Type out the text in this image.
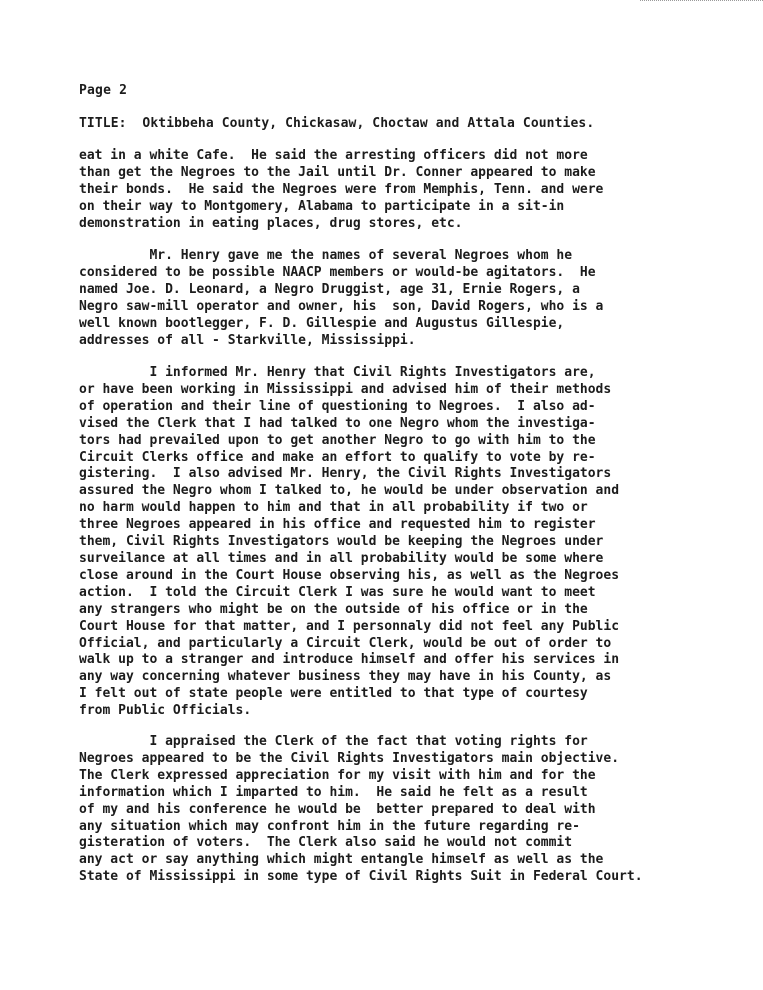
Page 2
TITLE: Oktibbeha County, Chickasaw, Choctaw and Attala Counties.

eat in a white Cafe.  He said the arresting officers did not more
than get the Negroes to the Jail until Dr. Conner appeared to make
their bonds.  He said the Negroes were from Memphis, Tenn. and were
on their way to Montgomery, Alabama to participate in a sit-in
demonstration in eating places, drug stores, etc.

Mr. Henry gave me the names of several Negroes whom he
considered to be possible NAACP members or would-be agitators.  He
named Joe. D. Leonard, a Negro Druggist, age 31, Ernie Rogers, a
Negro saw-mill operator and owner, his  son, David Rogers, who is a
well known bootlegger, F. D. Gillespie and Augustus Gillespie,
addresses of all - Starkville, Mississippi.

I informed Mr. Henry that Civil Rights Investigators are,
or have been working in Mississippi and advised him of their methods
of operation and their line of questioning to Negroes.  I also ad-
vised the Clerk that I had talked to one Negro whom the investiga-
tors had prevailed upon to get another Negro to go with him to the
Circuit Clerks office and make an effort to qualify to vote by re-
gistering.  I also advised Mr. Henry, the Civil Rights Investigators
assured the Negro whom I talked to, he would be under observation and
no harm would happen to him and that in all probability if two or
three Negroes appeared in his office and requested him to register
them, Civil Rights Investigators would be keeping the Negroes under
surveilance at all times and in all probability would be some where
close around in the Court House observing his, as well as the Negroes
action.  I told the Circuit Clerk I was sure he would want to meet
any strangers who might be on the outside of his office or in the
Court House for that matter, and I personnaly did not feel any Public
Official, and particularly a Circuit Clerk, would be out of order to
walk up to a stranger and introduce himself and offer his services in
any way concerning whatever business they may have in his County, as
I felt out of state people were entitled to that type of courtesy
from Public Officials.

I appraised the Clerk of the fact that voting rights for
Negroes appeared to be the Civil Rights Investigators main objective.
The Clerk expressed appreciation for my visit with him and for the
information which I imparted to him.  He said he felt as a result
of my and his conference he would be  better prepared to deal with
any situation which may confront him in the future regarding re-
gisteration of voters.  The Clerk also said he would not commit
any act or say anything which might entangle himself as well as the
State of Mississippi in some type of Civil Rights Suit in Federal Court.
